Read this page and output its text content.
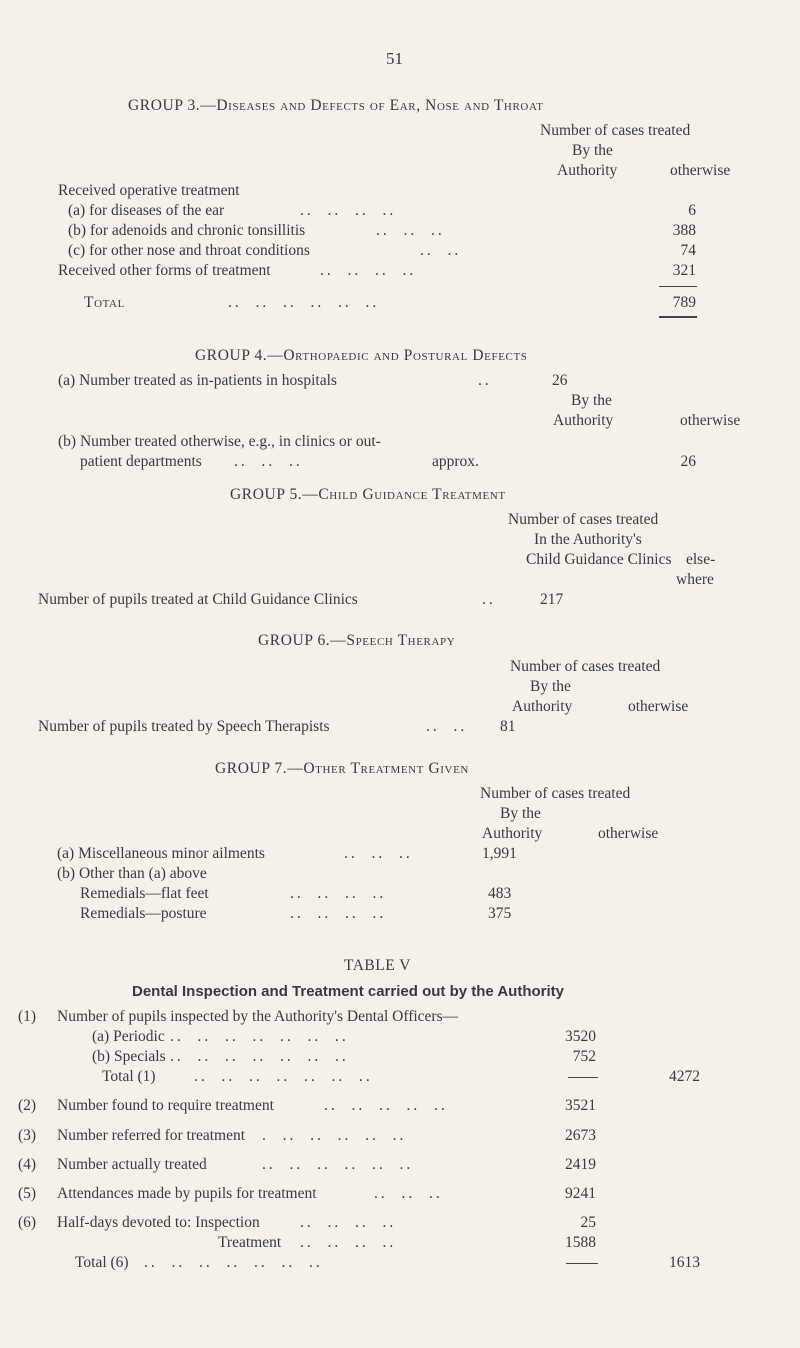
51
GROUP 3.—Diseases and Defects of Ear, Nose and Throat
Number of cases treated
By the
Authority	otherwise
Received operative treatment
(a) for diseases of the ear	..  ..  ..  ..	6
(b) for adenoids and chronic tonsillitis	..  ..  ..	388
(c) for other nose and throat conditions	..  ..	74
Received other forms of treatment	..  ..  ..  ..	321
Total	..  ..  ..  ..  ..  ..	789
GROUP 4.—Orthopaedic and Postural Defects
(a) Number treated as in-patients in hospitals	..	26
By the
Authority	otherwise
(b) Number treated otherwise, e.g., in clinics or out-
patient departments ..  ..  ..	approx.	26
GROUP 5.—Child Guidance Treatment
Number of cases treated
In the Authority's
Child Guidance Clinics else-
where
Number of pupils treated at Child Guidance Clinics	..	217
GROUP 6.—Speech Therapy
Number of cases treated
By the
Authority	otherwise
Number of pupils treated by Speech Therapists	..  .. 81
GROUP 7.—Other Treatment Given
Number of cases treated
By the
Authority	otherwise
(a) Miscellaneous minor ailments	..  ..  ..	1,991
(b) Other than (a) above
Remedials—flat feet	..  ..  ..  ..	483
Remedials—posture	..  ..  ..  ..	375
TABLE V
Dental Inspection and Treatment carried out by the Authority
(1) Number of pupils inspected by the Authority's Dental Officers—
(a) Periodic ..  ..  ..  ..  ..  ..  ..	3520
(b) Specials ..  ..  ..  ..  ..  ..  ..	752
Total (1) ..  ..  ..  ..  ..  ..  ..	4272
(2) Number found to require treatment	..  ..  ..  ..  ..	3521
(3) Number referred for treatment .  ..  ..  ..  ..  ..	2673
(4) Number actually treated	..  ..  ..  ..  ..  ..	2419
(5) Attendances made by pupils for treatment	..  ..  ..	9241
(6) Half-days devoted to: Inspection	..  ..  ..  ..	25
Treatment ..  ..  ..  ..	1588
Total (6) ..  ..  ..  ..  ..  ..  ..	1613
